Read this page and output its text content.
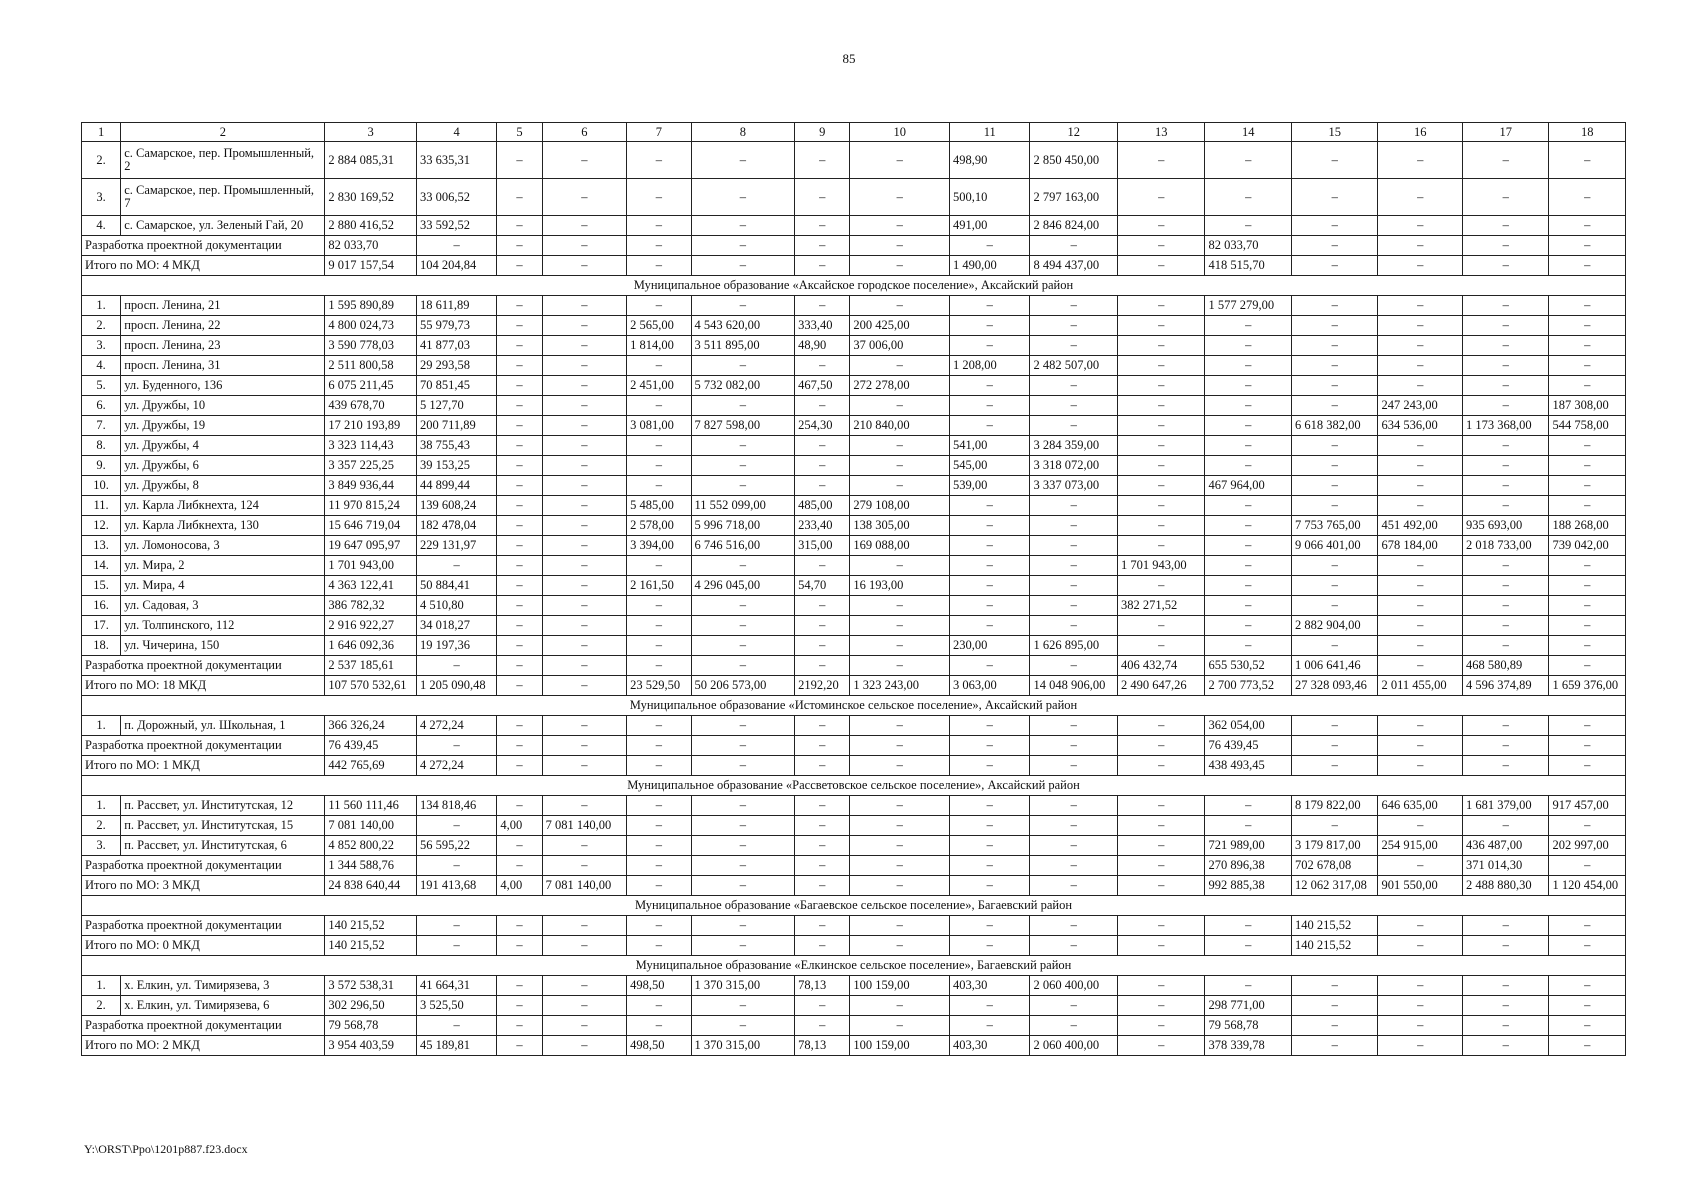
85
1	2	3	4	5	6	7	8	9	10	11	12	13	14	15	16	17	18
2.	с. Самарское, пер. Промышленный, 2	2 884 085,31	33 635,31	–	–	–	–	–	–	498,90	2 850 450,00	–	–	–	–	–	–
3.	с. Самарское, пер. Промышленный, 7	2 830 169,52	33 006,52	–	–	–	–	–	–	500,10	2 797 163,00	–	–	–	–	–	–
4.	с. Самарское, ул. Зеленый Гай, 20	2 880 416,52	33 592,52	–	–	–	–	–	–	491,00	2 846 824,00	–	–	–	–	–	–
Разработка проектной документации		82 033,70	–	–	–	–	–	–	–	–	–	–	82 033,70	–	–	–	–
Итого по МО: 4 МКД		9 017 157,54	104 204,84	–	–	–	–	–	–	1 490,00	8 494 437,00	–	418 515,70	–	–	–	–
Муниципальное образование «Аксайское городское поселение», Аксайский район																	
1.	просп. Ленина, 21	1 595 890,89	18 611,89	–	–	–	–	–	–	–	–	–	1 577 279,00	–	–	–	–
2.	просп. Ленина, 22	4 800 024,73	55 979,73	–	–	2 565,00	4 543 620,00	333,40	200 425,00	–	–	–	–	–	–	–	–
3.	просп. Ленина, 23	3 590 778,03	41 877,03	–	–	1 814,00	3 511 895,00	48,90	37 006,00	–	–	–	–	–	–	–	–
4.	просп. Ленина, 31	2 511 800,58	29 293,58	–	–	–	–	–	–	1 208,00	2 482 507,00	–	–	–	–	–	–
5.	ул. Буденного, 136	6 075 211,45	70 851,45	–	–	2 451,00	5 732 082,00	467,50	272 278,00	–	–	–	–	–	–	–	–
6.	ул. Дружбы, 10	439 678,70	5 127,70	–	–	–	–	–	–	–	–	–	–	–	247 243,00	–	187 308,00
7.	ул. Дружбы, 19	17 210 193,89	200 711,89	–	–	3 081,00	7 827 598,00	254,30	210 840,00	–	–	–	–	6 618 382,00	634 536,00	1 173 368,00	544 758,00
8.	ул. Дружбы, 4	3 323 114,43	38 755,43	–	–	–	–	–	–	541,00	3 284 359,00	–	–	–	–	–	–
9.	ул. Дружбы, 6	3 357 225,25	39 153,25	–	–	–	–	–	–	545,00	3 318 072,00	–	–	–	–	–	–
10.	ул. Дружбы, 8	3 849 936,44	44 899,44	–	–	–	–	–	–	539,00	3 337 073,00	–	467 964,00	–	–	–	–
11.	ул. Карла Либкнехта, 124	11 970 815,24	139 608,24	–	–	5 485,00	11 552 099,00	485,00	279 108,00	–	–	–	–	–	–	–	–
12.	ул. Карла Либкнехта, 130	15 646 719,04	182 478,04	–	–	2 578,00	5 996 718,00	233,40	138 305,00	–	–	–	–	7 753 765,00	451 492,00	935 693,00	188 268,00
13.	ул. Ломоносова, 3	19 647 095,97	229 131,97	–	–	3 394,00	6 746 516,00	315,00	169 088,00	–	–	–	–	9 066 401,00	678 184,00	2 018 733,00	739 042,00
14.	ул. Мира, 2	1 701 943,00	–	–	–	–	–	–	–	–	–	1 701 943,00	–	–	–	–	–
15.	ул. Мира, 4	4 363 122,41	50 884,41	–	–	2 161,50	4 296 045,00	54,70	16 193,00	–	–	–	–	–	–	–	–
16.	ул. Садовая, 3	386 782,32	4 510,80	–	–	–	–	–	–	–	–	382 271,52	–	–	–	–	–
17.	ул. Толпинского, 112	2 916 922,27	34 018,27	–	–	–	–	–	–	–	–	–	–	2 882 904,00	–	–	–
18.	ул. Чичерина, 150	1 646 092,36	19 197,36	–	–	–	–	–	–	230,00	1 626 895,00	–	–	–	–	–	–
Разработка проектной документации		2 537 185,61	–	–	–	–	–	–	–	–	–	406 432,74	655 530,52	1 006 641,46	–	468 580,89	–
Итого по МО: 18 МКД		107 570 532,61	1 205 090,48	–	–	23 529,50	50 206 573,00	2192,20	1 323 243,00	3 063,00	14 048 906,00	2 490 647,26	2 700 773,52	27 328 093,46	2 011 455,00	4 596 374,89	1 659 376,00
Муниципальное образование «Истоминское сельское поселение», Аксайский район																	
1.	п. Дорожный, ул. Школьная, 1	366 326,24	4 272,24	–	–	–	–	–	–	–	–	–	362 054,00	–	–	–	–
Разработка проектной документации		76 439,45	–	–	–	–	–	–	–	–	–	–	76 439,45	–	–	–	–
Итого по МО: 1 МКД		442 765,69	4 272,24	–	–	–	–	–	–	–	–	–	438 493,45	–	–	–	–
Муниципальное образование «Рассветовское сельское поселение», Аксайский район																	
1.	п. Рассвет, ул. Институтская, 12	11 560 111,46	134 818,46	–	–	–	–	–	–	–	–	–	–	8 179 822,00	646 635,00	1 681 379,00	917 457,00
2.	п. Рассвет, ул. Институтская, 15	7 081 140,00	–	4,00	7 081 140,00	–	–	–	–	–	–	–	–	–	–	–	–
3.	п. Рассвет, ул. Институтская, 6	4 852 800,22	56 595,22	–	–	–	–	–	–	–	–	–	721 989,00	3 179 817,00	254 915,00	436 487,00	202 997,00
Разработка проектной документации		1 344 588,76	–	–	–	–	–	–	–	–	–	–	270 896,38	702 678,08	–	371 014,30	–
Итого по МО: 3 МКД		24 838 640,44	191 413,68	4,00	7 081 140,00	–	–	–	–	–	–	–	992 885,38	12 062 317,08	901 550,00	2 488 880,30	1 120 454,00
Муниципальное образование «Багаевское сельское поселение», Багаевский район																	
Разработка проектной документации		140 215,52	–	–	–	–	–	–	–	–	–	–	–	140 215,52	–	–	–
Итого по МО: 0 МКД		140 215,52	–	–	–	–	–	–	–	–	–	–	–	140 215,52	–	–	–
Муниципальное образование «Елкинское сельское поселение», Багаевский район																	
1.	х. Елкин, ул. Тимирязева, 3	3 572 538,31	41 664,31	–	–	498,50	1 370 315,00	78,13	100 159,00	403,30	2 060 400,00	–	–	–	–	–	–
2.	х. Елкин, ул. Тимирязева, 6	302 296,50	3 525,50	–	–	–	–	–	–	–	–	–	298 771,00	–	–	–	–
Разработка проектной документации		79 568,78	–	–	–	–	–	–	–	–	–	–	79 568,78	–	–	–	–
Итого по МО: 2 МКД		3 954 403,59	45 189,81	–	–	498,50	1 370 315,00	78,13	100 159,00	403,30	2 060 400,00	–	378 339,78	–	–	–	–
Y:\ORST\Ppo\1201p887.f23.docx
